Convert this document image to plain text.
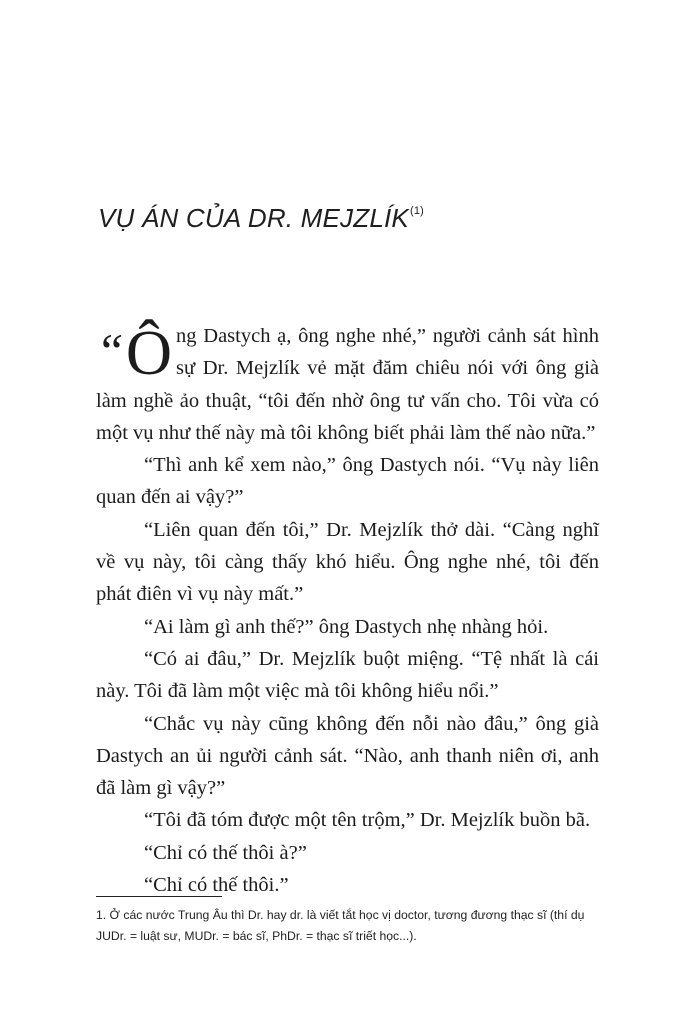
VỤ ÁN CỦA DR. MEJZLÍK$^{(1)}$

“ Ô ng Dastych ạ, ông nghe nhé,” người cảnh sát hình sự Dr. Mejzlík vẻ mặt đăm chiêu nói với ông già làm nghề ảo thuật, “tôi đến nhờ ông tư vấn cho. Tôi vừa có một vụ như thế này mà tôi không biết phải làm thế nào nữa.”

“Thì anh kể xem nào,” ông Dastych nói. “Vụ này liên quan đến ai vậy?”

“Liên quan đến tôi,” Dr. Mejzlík thở dài. “Càng nghĩ về vụ này, tôi càng thấy khó hiểu. Ông nghe nhé, tôi đến phát điên vì vụ này mất.”

“Ai làm gì anh thế?” ông Dastych nhẹ nhàng hỏi.

“Có ai đâu,” Dr. Mejzlík buột miệng. “Tệ nhất là cái này. Tôi đã làm một việc mà tôi không hiểu nổi.”

“Chắc vụ này cũng không đến nỗi nào đâu,” ông già Dastych an ủi người cảnh sát. “Nào, anh thanh niên ơi, anh đã làm gì vậy?”

“Tôi đã tóm được một tên trộm,” Dr. Mejzlík buồn bã.

“Chỉ có thế thôi à?”

“Chỉ có thế thôi.”

1. Ở các nước Trung Âu thì Dr. hay dr. là viết tắt học vị doctor, tương đương thạc sĩ (thí dụ JUDr. = luật sư, MUDr. = bác sĩ, PhDr. = thạc sĩ triết học...).
